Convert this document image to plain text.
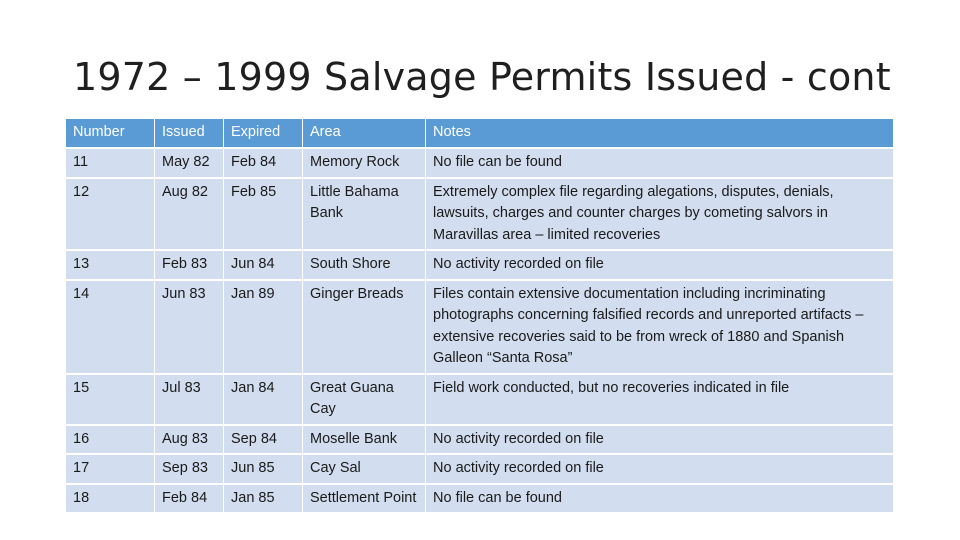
1972 – 1999 Salvage Permits Issued - cont
Number	Issued	Expired	Area	Notes
11	May 82	Feb 84	Memory Rock	No file can be found
12	Aug 82	Feb 85	Little Bahama Bank	Extremely complex file regarding alegations, disputes, denials, lawsuits, charges and counter charges by cometing salvors in Maravillas area – limited recoveries
13	Feb 83	Jun 84	South Shore	No activity recorded on file
14	Jun 83	Jan 89	Ginger Breads	Files contain extensive documentation including incriminating photographs concerning falsified records and unreported artifacts – extensive recoveries said to be from wreck of 1880 and Spanish Galleon “Santa Rosa”
15	Jul 83	Jan 84	Great Guana Cay	Field work conducted, but no recoveries indicated in file
16	Aug 83	Sep 84	Moselle Bank	No activity recorded on file
17	Sep 83	Jun 85	Cay Sal	No activity recorded on file
18	Feb 84	Jan 85	Settlement Point	No file can be found
